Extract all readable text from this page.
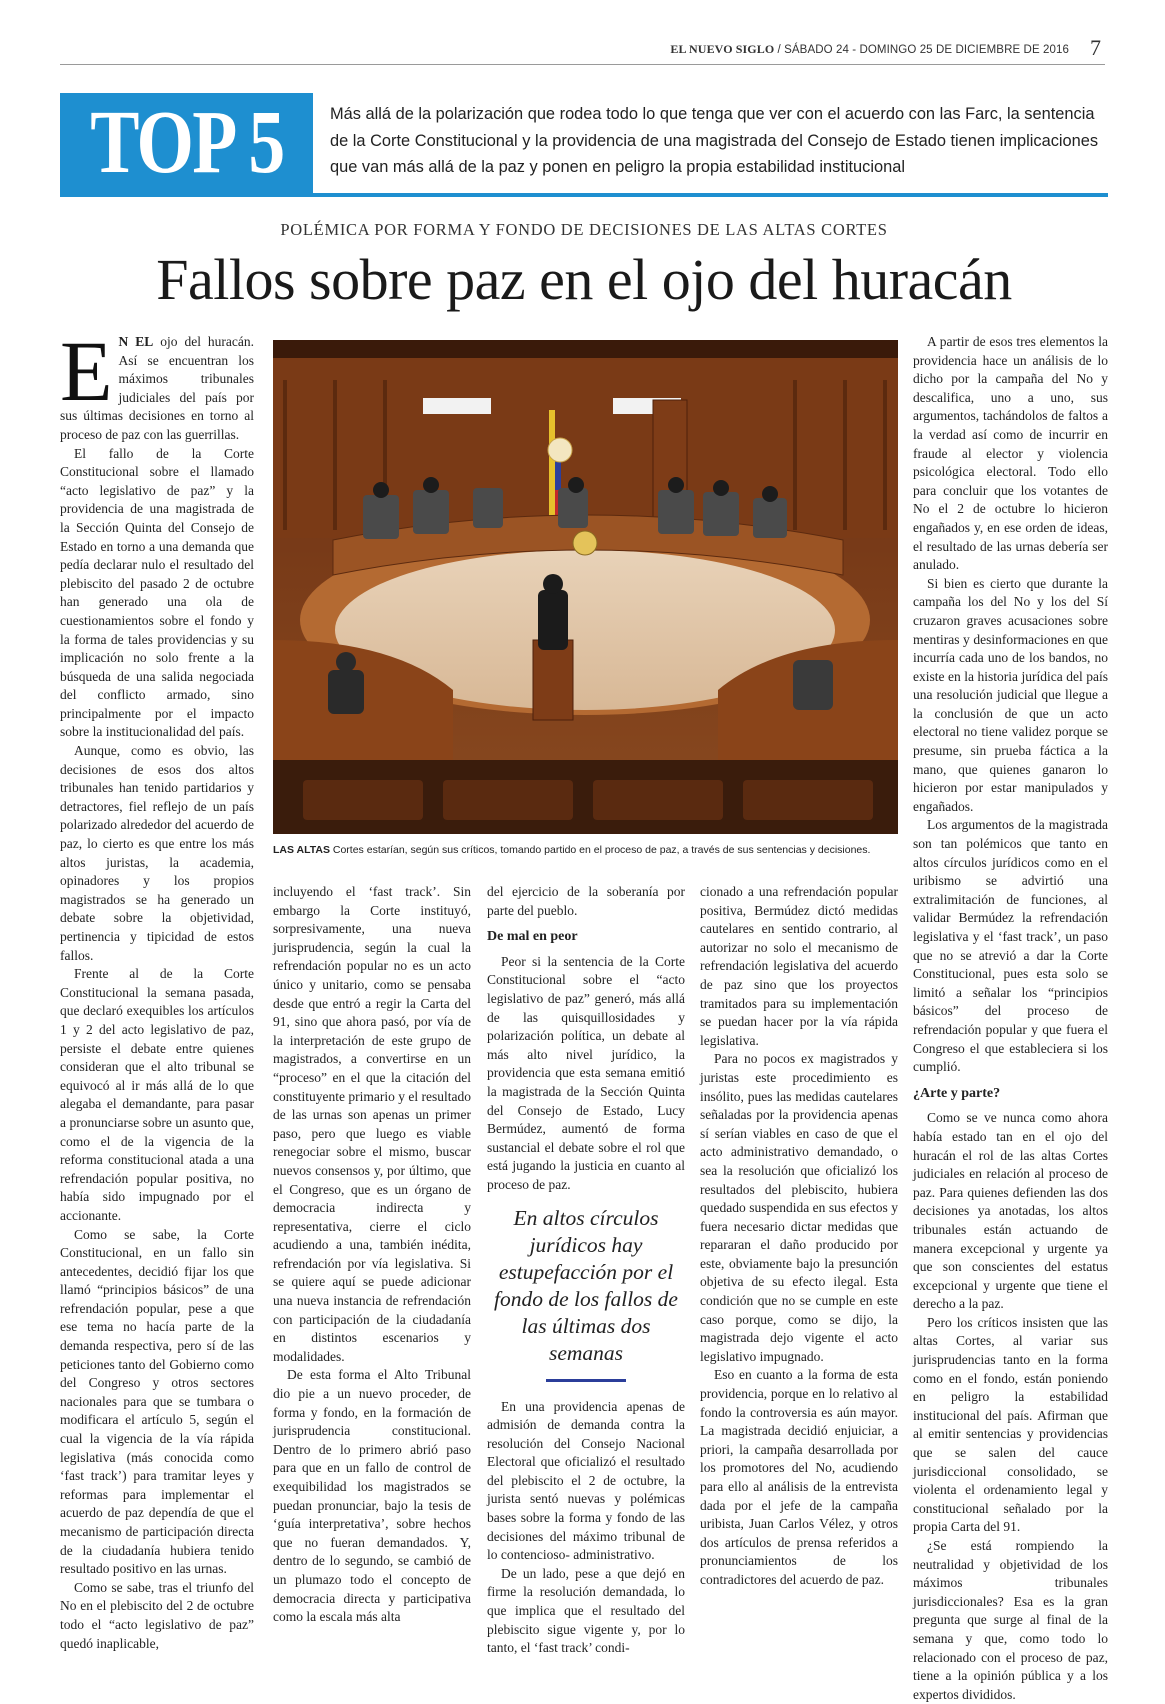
EL NUEVO SIGLO / SÁBADO 24 - DOMINGO 25 DE DICIEMBRE DE 2016 7
TOP 5	Más allá de la polarización que rodea todo lo que tenga que ver con el acuerdo con las Farc, la sentencia de la Corte Constitucional y la providencia de una magistrada del Consejo de Estado tienen implicaciones que van más allá de la paz y ponen en peligro la propia estabilidad institucional
POLÉMICA POR FORMA Y FONDO DE DECISIONES DE LAS ALTAS CORTES
Fallos sobre paz en el ojo del huracán

E N EL ojo del huracán. Así se encuentran los máximos tribunales judiciales del país por sus últimas decisiones en torno al proceso de paz con las guerrillas.

El fallo de la Corte Constitucional sobre el llamado “acto legislativo de paz” y la providencia de una magistrada de la Sección Quinta del Consejo de Estado en torno a una demanda que pedía declarar nulo el resultado del plebiscito del pasado 2 de octubre han generado una ola de cuestionamientos sobre el fondo y la forma de tales providencias y su implicación no solo frente a la búsqueda de una salida negociada del conflicto armado, sino principalmente por el impacto sobre la institucionalidad del país.

Aunque, como es obvio, las decisiones de esos dos altos tribunales han tenido partidarios y detractores, fiel reflejo de un país polarizado alrededor del acuerdo de paz, lo cierto es que entre los más altos juristas, la academia, opinadores y los propios magistrados se ha generado un debate sobre la objetividad, pertinencia y tipicidad de estos fallos.

Frente al de la Corte Constitucional la semana pasada, que declaró exequibles los artículos 1 y 2 del acto legislativo de paz, persiste el debate entre quienes consideran que el alto tribunal se equivocó al ir más allá de lo que alegaba el demandante, para pasar a pronunciarse sobre un asunto que, como el de la vigencia de la reforma constitucional atada a una refrendación popular positiva, no había sido impugnado por el accionante.

Como se sabe, la Corte Constitucional, en un fallo sin antecedentes, decidió fijar los que llamó “principios básicos” de una refrendación popular, pese a que ese tema no hacía parte de la demanda respectiva, pero sí de las peticiones tanto del Gobierno como del Congreso y otros sectores nacionales para que se tumbara o modificara el artículo 5, según el cual la vigencia de la vía rápida legislativa (más conocida como ‘fast track’) para tramitar leyes y reformas para implementar el acuerdo de paz dependía de que el mecanismo de participación directa de la ciudadanía hubiera tenido resultado positivo en las urnas.

Como se sabe, tras el triunfo del No en el plebiscito del 2 de octubre todo el “acto legislativo de paz” quedó inaplicable,

LAS ALTAS Cortes estarían, según sus críticos, tomando partido en el proceso de paz, a través de sus sentencias y decisiones.

incluyendo el ‘fast track’. Sin embargo la Corte instituyó, sorpresivamente, una nueva jurisprudencia, según la cual la refrendación popular no es un acto único y unitario, como se pensaba desde que entró a regir la Carta del 91, sino que ahora pasó, por vía de la interpretación de este grupo de magistrados, a convertirse en un “proceso” en el que la citación del constituyente primario y el resultado de las urnas son apenas un primer paso, pero que luego es viable renegociar sobre el mismo, buscar nuevos consensos y, por último, que el Congreso, que es un órgano de democracia indirecta y representativa, cierre el ciclo acudiendo a una, también inédita, refrendación por vía legislativa. Si se quiere aquí se puede adicionar una nueva instancia de refrendación con participación de la ciudadanía en distintos escenarios y modalidades.

De esta forma el Alto Tribunal dio pie a un nuevo proceder, de forma y fondo, en la formación de jurisprudencia constitucional. Dentro de lo primero abrió paso para que en un fallo de control de exequibilidad los magistrados se puedan pronunciar, bajo la tesis de ‘guía interpretativa’, sobre hechos que no fueran demandados. Y, dentro de lo segundo, se cambió de un plumazo todo el concepto de democracia directa y participativa como la escala más alta

del ejercicio de la soberanía por parte del pueblo.

De mal en peor

Peor si la sentencia de la Corte Constitucional sobre el “acto legislativo de paz” generó, más allá de las quisquillosidades y polarización política, un debate al más alto nivel jurídico, la providencia que esta semana emitió la magistrada de la Sección Quinta del Consejo de Estado, Lucy Bermúdez, aumentó de forma sustancial el debate sobre el rol que está jugando la justicia en cuanto al proceso de paz.

En altos círculos jurídicos hay estupefacción por el fondo de los fallos de las últimas dos semanas

En una providencia apenas de admisión de demanda contra la resolución del Consejo Nacional Electoral que oficializó el resultado del plebiscito el 2 de octubre, la jurista sentó nuevas y polémicas bases sobre la forma y fondo de las decisiones del máximo tribunal de lo contencioso- administrativo.

De un lado, pese a que dejó en firme la resolución demandada, lo que implica que el resultado del plebiscito sigue vigente y, por lo tanto, el ‘fast track’ condi-

cionado a una refrendación popular positiva, Bermúdez dictó medidas cautelares en sentido contrario, al autorizar no solo el mecanismo de refrendación legislativa del acuerdo de paz sino que los proyectos tramitados para su implementación se puedan hacer por la vía rápida legislativa.

Para no pocos ex magistrados y juristas este procedimiento es insólito, pues las medidas cautelares señaladas por la providencia apenas sí serían viables en caso de que el acto administrativo demandado, o sea la resolución que oficializó los resultados del plebiscito, hubiera quedado suspendida en sus efectos y fuera necesario dictar medidas que repararan el daño producido por este, obviamente bajo la presunción objetiva de su efecto ilegal. Esta condición que no se cumple en este caso porque, como se dijo, la magistrada dejo vigente el acto legislativo impugnado.

Eso en cuanto a la forma de esta providencia, porque en lo relativo al fondo la controversia es aún mayor. La magistrada decidió enjuiciar, a priori, la campaña desarrollada por los promotores del No, acudiendo para ello al análisis de la entrevista dada por el jefe de la campaña uribista, Juan Carlos Vélez, y otros dos artículos de prensa referidos a pronunciamientos de los contradictores del acuerdo de paz.

A partir de esos tres elementos la providencia hace un análisis de lo dicho por la campaña del No y descalifica, uno a uno, sus argumentos, tachándolos de faltos a la verdad así como de incurrir en fraude al elector y violencia psicológica electoral. Todo ello para concluir que los votantes de No el 2 de octubre lo hicieron engañados y, en ese orden de ideas, el resultado de las urnas debería ser anulado.

Si bien es cierto que durante la campaña los del No y los del Sí cruzaron graves acusaciones sobre mentiras y desinformaciones en que incurría cada uno de los bandos, no existe en la historia jurídica del país una resolución judicial que llegue a la conclusión de que un acto electoral no tiene validez porque se presume, sin prueba fáctica a la mano, que quienes ganaron lo hicieron por estar manipulados y engañados.

Los argumentos de la magistrada son tan polémicos que tanto en altos círculos jurídicos como en el uribismo se advirtió una extralimitación de funciones, al validar Bermúdez la refrendación legislativa y el ‘fast track’, un paso que no se atrevió a dar la Corte Constitucional, pues esta solo se limitó a señalar los “principios básicos” del proceso de refrendación popular y que fuera el Congreso el que estableciera si los cumplió.

¿Arte y parte?

Como se ve nunca como ahora había estado tan en el ojo del huracán el rol de las altas Cortes judiciales en relación al proceso de paz. Para quienes defienden las dos decisiones ya anotadas, los altos tribunales están actuando de manera excepcional y urgente ya que son conscientes del estatus excepcional y urgente que tiene el derecho a la paz.

Pero los críticos insisten que las altas Cortes, al variar sus jurisprudencias tanto en la forma como en el fondo, están poniendo en peligro la estabilidad institucional del país. Afirman que al emitir sentencias y providencias que se salen del cauce jurisdiccional consolidado, se violenta el ordenamiento legal y constitucional señalado por la propia Carta del 91.

¿Se está rompiendo la neutralidad y objetividad de los máximos tribunales jurisdiccionales? Esa es la gran pregunta que surge al final de la semana y que, como todo lo relacionado con el proceso de paz, tiene a la opinión pública y a los expertos divididos.
